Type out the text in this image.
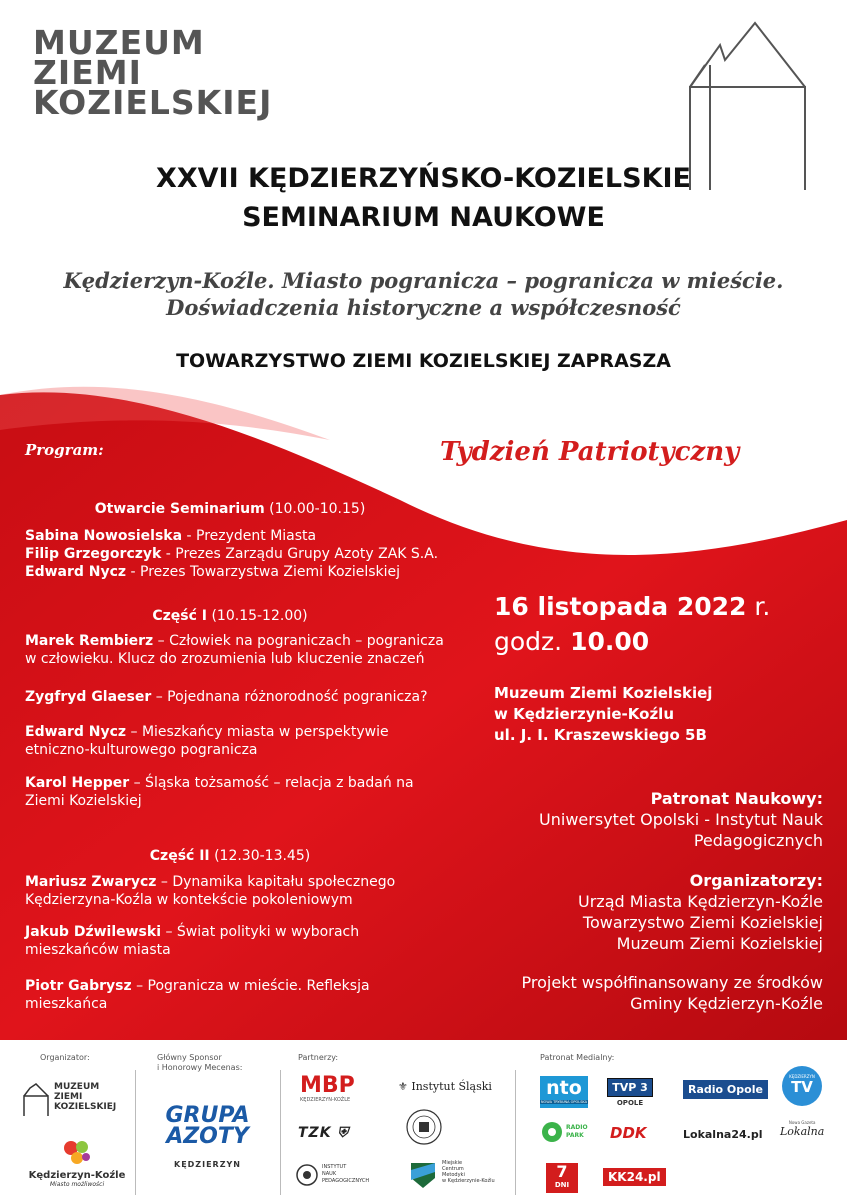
MUZEUM
ZIEMI
KOZIELSKIEJ
XXVII KĘDZIERZYŃSKO-KOZIELSKIE
SEMINARIUM NAUKOWE
Kędzierzyn-Koźle. Miasto pogranicza – pogranicza w mieście.
Doświadczenia historyczne a współczesność
TOWARZYSTWO ZIEMI KOZIELSKIEJ ZAPRASZA
Program:	Tydzień Patriotyczny
Otwarcie Seminarium (10.00-10.15)
Sabina Nowosielska - Prezydent Miasta
Filip Grzegorczyk - Prezes Zarządu Grupy Azoty ZAK S.A.
Edward Nycz - Prezes Towarzystwa Ziemi Kozielskiej
Część I (10.15-12.00)
Marek Rembierz – Człowiek na pograniczach – pogranicza
w człowieku. Klucz do zrozumienia lub kluczenie znaczeń
Zygfryd Glaeser – Pojednana różnorodność pogranicza?
Edward Nycz – Mieszkańcy miasta w perspektywie
etniczno-kulturowego pogranicza
Karol Hepper – Śląska tożsamość – relacja z badań na
Ziemi Kozielskiej
Część II (12.30-13.45)
Mariusz Zwarycz – Dynamika kapitału społecznego
Kędzierzyna-Koźla w kontekście pokoleniowym
Jakub Dźwilewski – Świat polityki w wyborach
mieszkańców miasta
Piotr Gabrysz – Pogranicza w mieście. Refleksja
mieszkańca
16 listopada 2022 r.
godz. 10.00
Muzeum Ziemi Kozielskiej
w Kędzierzynie-Koźlu
ul. J. I. Kraszewskiego 5B
Patronat Naukowy:
Uniwersytet Opolski - Instytut Nauk
Pedagogicznych
Organizatorzy:
Urząd Miasta Kędzierzyn-Koźle
Towarzystwo Ziemi Kozielskiej
Muzeum Ziemi Kozielskiej
Projekt współfinansowany ze środków
Gminy Kędzierzyn-Koźle
Organizator:	Główny Sponsor
i Honorowy Mecenas:
Partnerzy:	Patronat Medialny:
MUZEUM
ZIEMI
KOZIELSKIEJ
Kędzierzyn-Koźle
Miasto możliwości
GRUPA
AZOTY
KĘDZIERZYN
MBP
KĘDZIERZYN-KOŹLE
⚜ Instytut Śląski
TZK ⛨
INSTYTUT
NAUK
PEDAGOGICZNYCH
Miejskie
Centrum
Metodyki
w Kędzierzynie-Koźlu
nto
NOWA TRYBUNA OPOLSKA
TVP 3
OPOLE
Radio Opole
KĘDZIERZYN
TV
RADIO
PARK	DDK	Lokalna24.pl
Nowa Gazeta
Lokalna
7
DNI
KK24.pl
